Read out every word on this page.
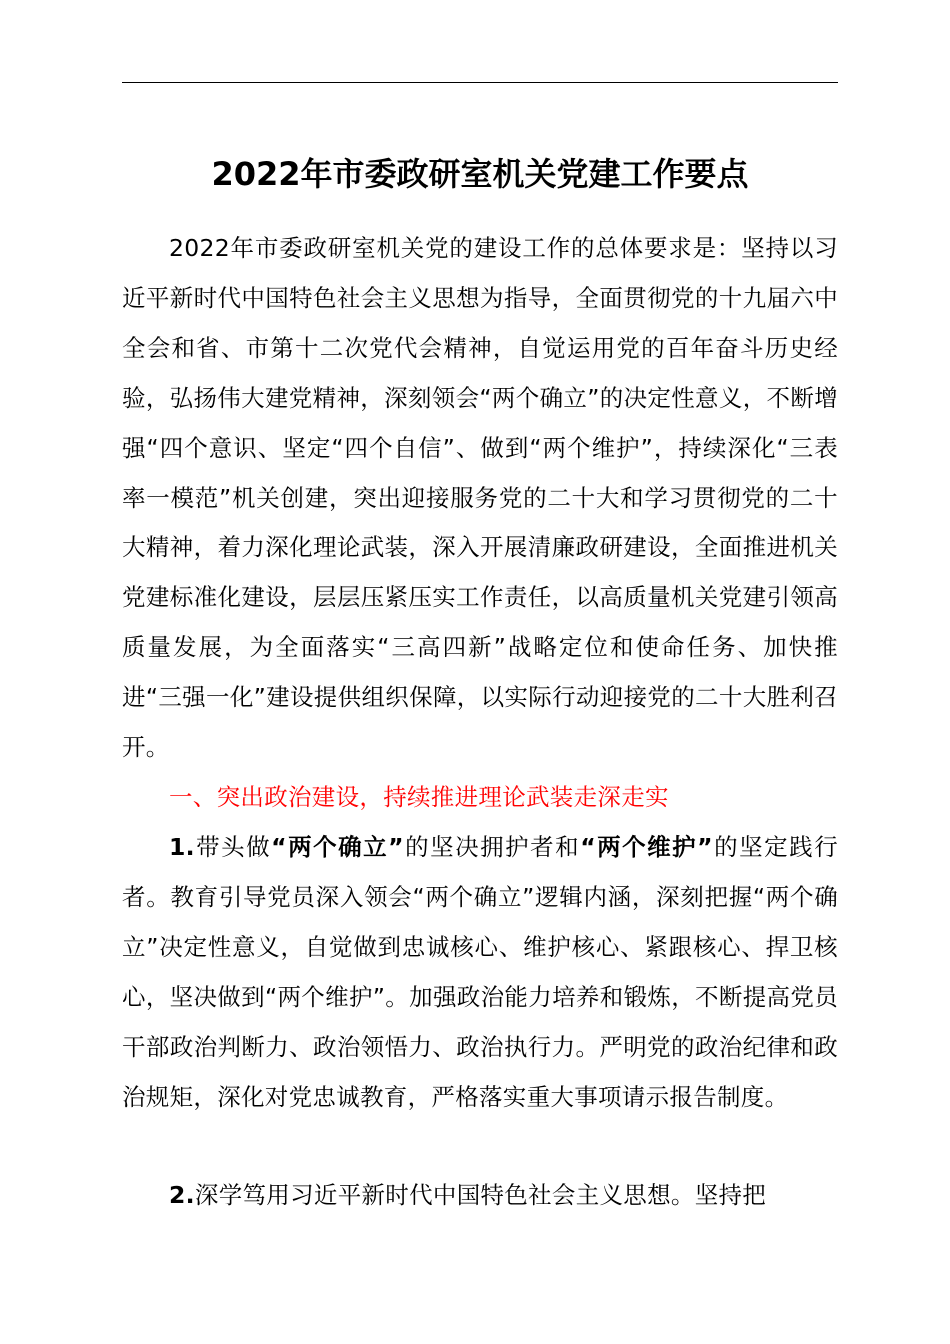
2022年市委政研室机关党建工作要点

2022年市委政研室机关党的建设工作的总体要求是：坚持以习近平新时代中国特色社会主义思想为指导，全面贯彻党的十九届六中全会和省、市第十二次党代会精神，自觉运用党的百年奋斗历史经验，弘扬伟大建党精神，深刻领会“两个确立”的决定性意义，不断增强“四个意识、坚定“四个自信”、做到“两个维护”，持续深化“三表率一模范”机关创建，突出迎接服务党的二十大和学习贯彻党的二十大精神，着力深化理论武装，深入开展清廉政研建设，全面推进机关党建标准化建设，层层压紧压实工作责任，以高质量机关党建引领高质量发展，为全面落实“三高四新”战略定位和使命任务、加快推进“三强一化”建设提供组织保障，以实际行动迎接党的二十大胜利召开。

一、突出政治建设，持续推进理论武装走深走实

1.带头做“两个确立”的坚决拥护者和“两个维护”的坚定践行者。教育引导党员深入领会“两个确立”逻辑内涵，深刻把握“两个确立”决定性意义，自觉做到忠诚核心、维护核心、紧跟核心、捍卫核心，坚决做到“两个维护”。加强政治能力培养和锻炼，不断提高党员干部政治判断力、政治领悟力、政治执行力。严明党的政治纪律和政治规矩，深化对党忠诚教育，严格落实重大事项请示报告制度。

2.深学笃用习近平新时代中国特色社会主义思想。坚持把
